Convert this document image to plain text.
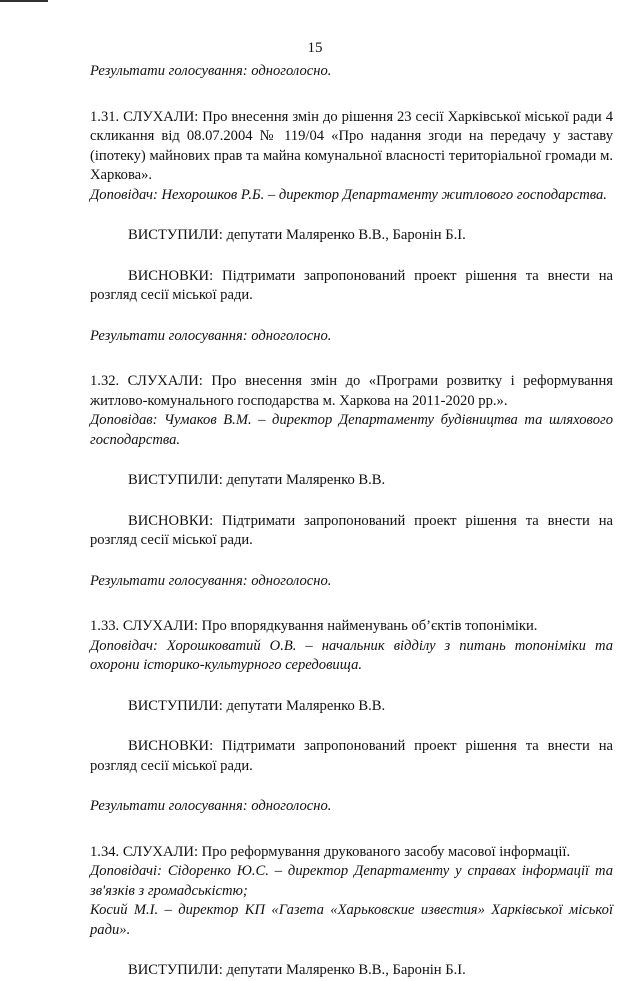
15

Результати голосування: одноголосно.

1.31. СЛУХАЛИ: Про внесення змін до рішення 23 сесії Харківської міської ради 4 скликання від 08.07.2004 № 119/04 «Про надання згоди на передачу у заставу (іпотеку) майнових прав та майна комунальної власності територіальної громади м. Харкова».

Доповідач: Нехорошков Р.Б. – директор Департаменту житлового господарства.

ВИСТУПИЛИ: депутати Маляренко В.В., Баронін Б.І.

ВИСНОВКИ: Підтримати запропонований проект рішення та внести на розгляд сесії міської ради.

Результати голосування: одноголосно.

1.32. СЛУХАЛИ: Про внесення змін до «Програми розвитку і реформування житлово-комунального господарства м. Харкова на 2011-2020 рр.».

Доповідав: Чумаков В.М. – директор Департаменту будівництва та шляхового господарства.

ВИСТУПИЛИ: депутати Маляренко В.В.

ВИСНОВКИ: Підтримати запропонований проект рішення та внести на розгляд сесії міської ради.

Результати голосування: одноголосно.

1.33. СЛУХАЛИ: Про впорядкування найменувань об’єктів топоніміки.

Доповідач: Хорошковатий О.В. – начальник відділу з питань топоніміки та охорони історико-культурного середовища.

ВИСТУПИЛИ: депутати Маляренко В.В.

ВИСНОВКИ: Підтримати запропонований проект рішення та внести на розгляд сесії міської ради.

Результати голосування: одноголосно.

1.34. СЛУХАЛИ: Про реформування друкованого засобу масової інформації.

Доповідачі: Сідоренко Ю.С. – директор Департаменту у справах інформації та зв'язків з громадськістю;

Косий М.І. – директор КП «Газета «Харьковские известия» Харківської міської ради».

ВИСТУПИЛИ: депутати Маляренко В.В., Баронін Б.І.
